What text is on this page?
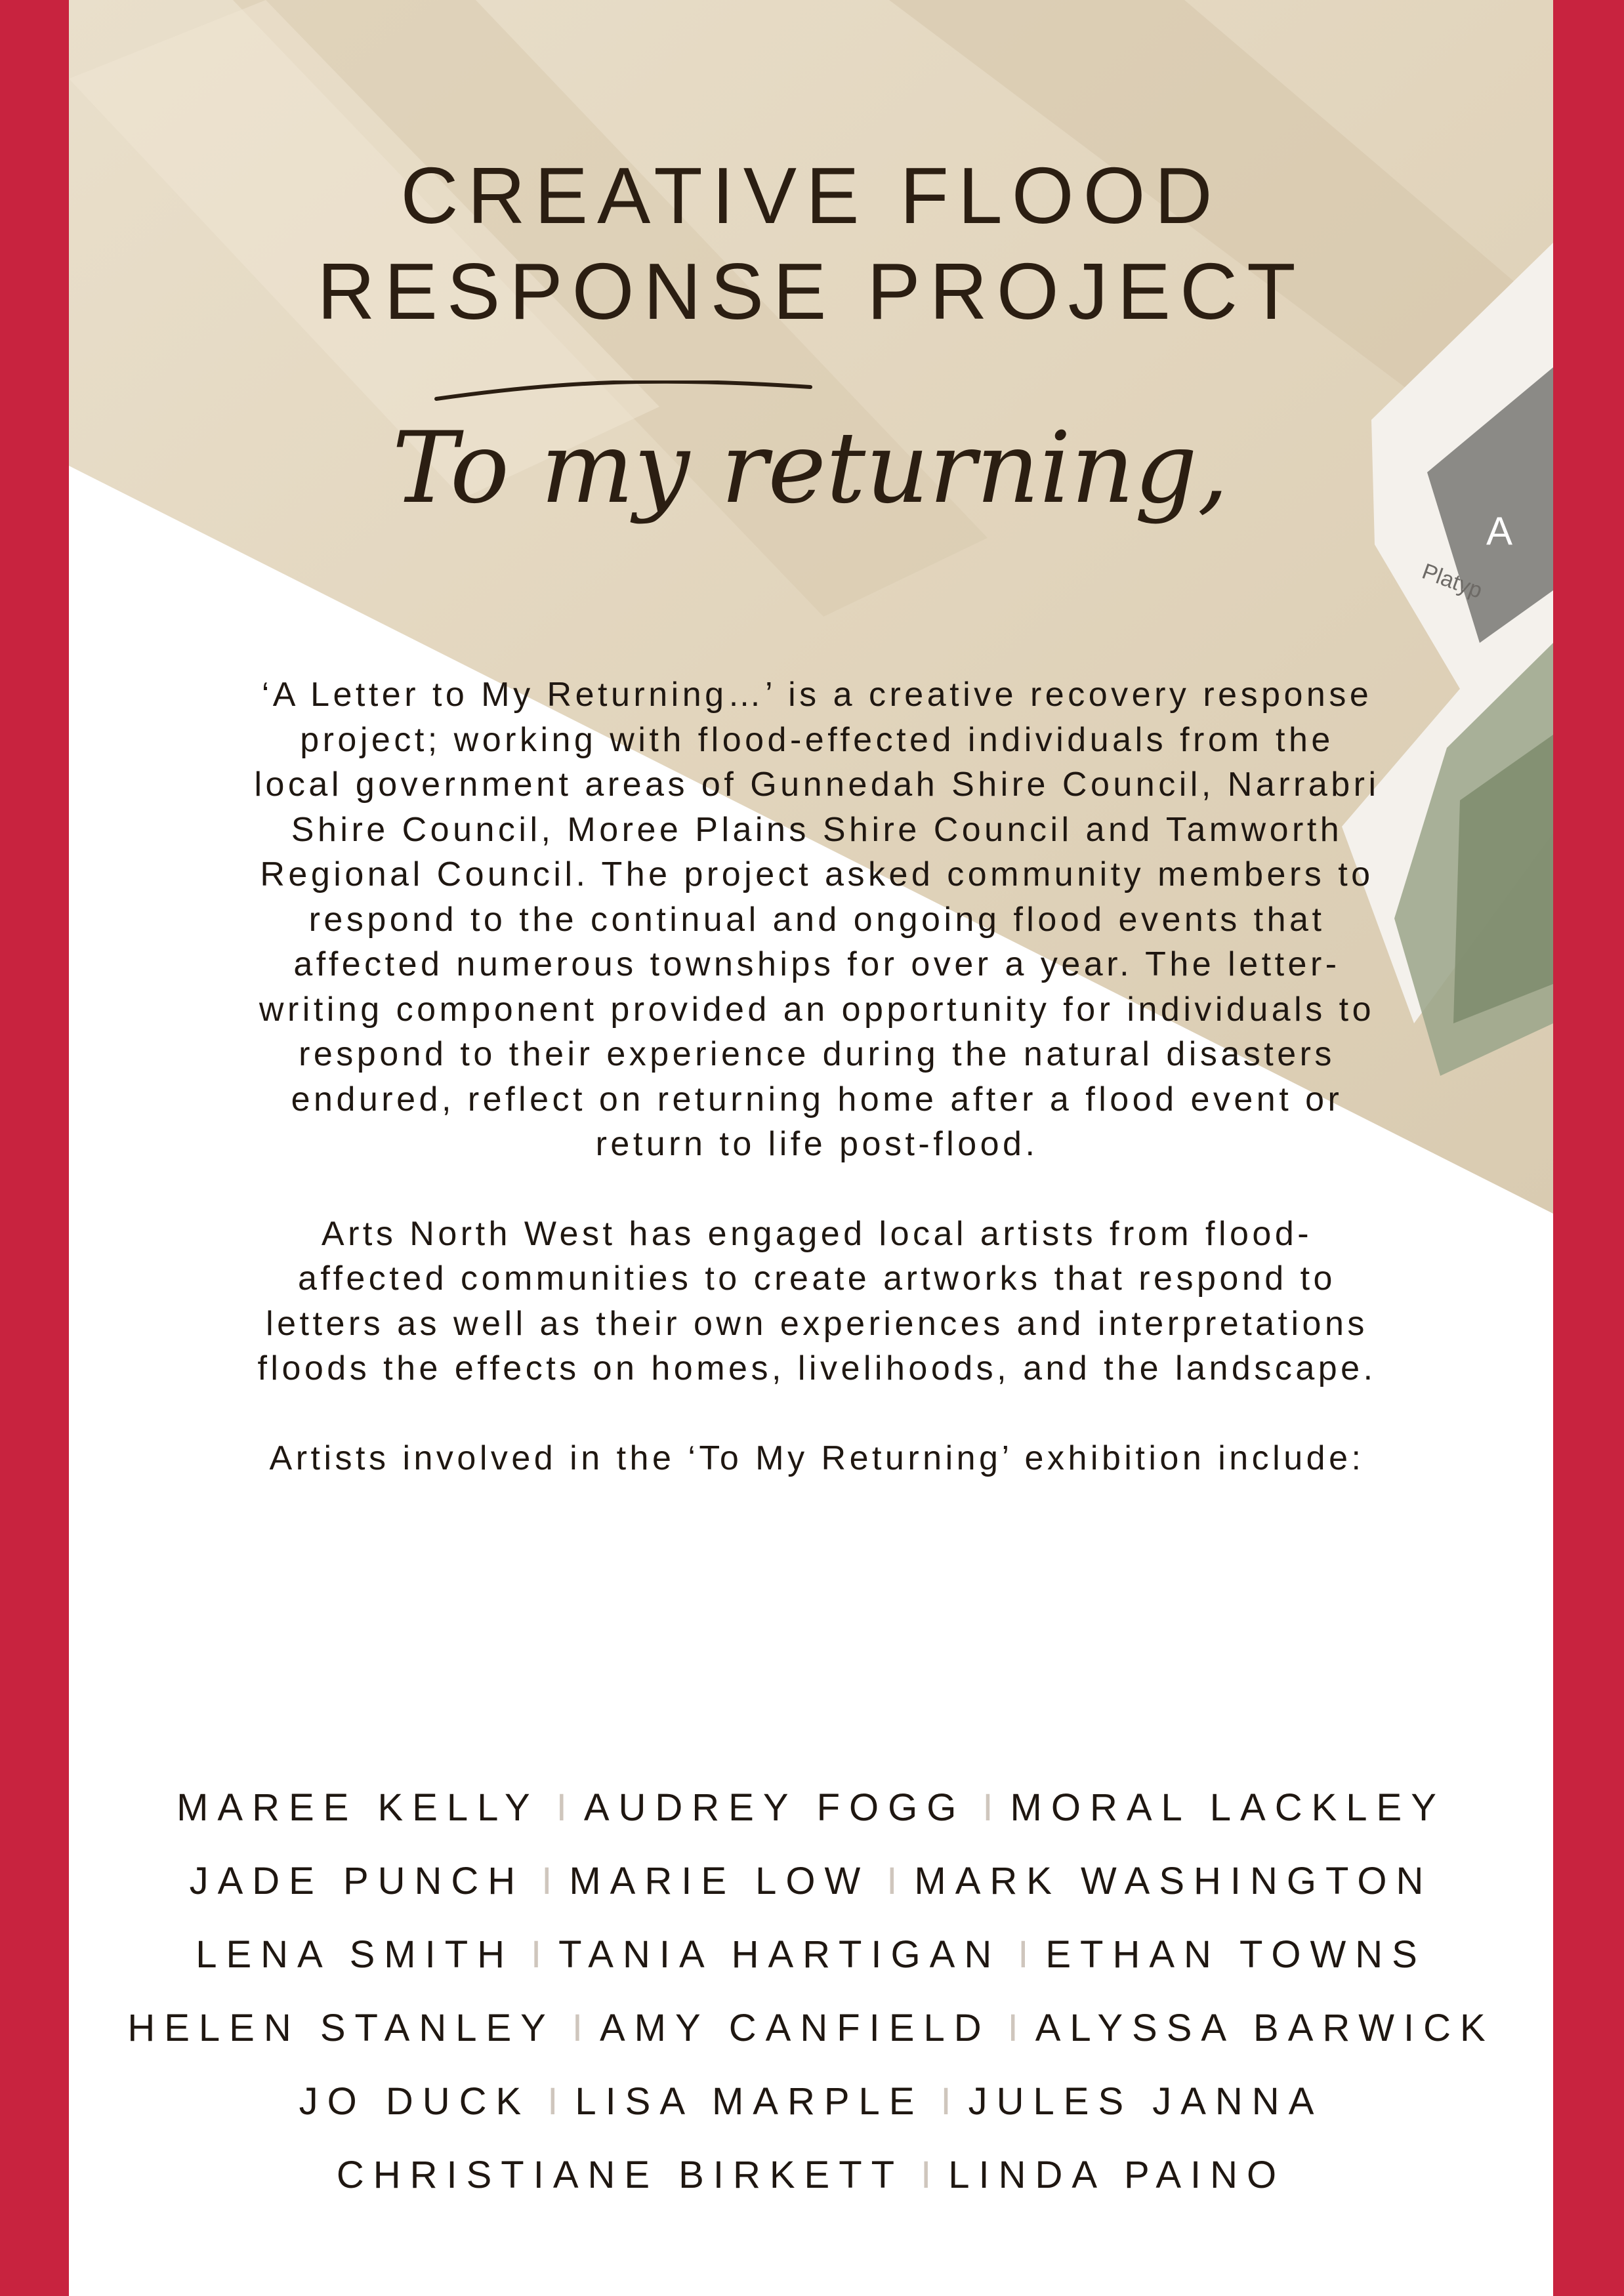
A
Platyp
CREATIVE FLOOD
RESPONSE PROJECT
To my returning,

‘A Letter to My Returning…’ is a creative recovery response project; working with flood-effected individuals from the local government areas of Gunnedah Shire Council, Narrabri Shire Council, Moree Plains Shire Council and Tamworth Regional Council. The project asked community members to respond to the continual and ongoing flood events that affected numerous townships for over a year. The letter-writing component provided an opportunity for individuals to respond to their experience during the natural disasters endured, reflect on returning home after a flood event or return to life post-flood.

Arts North West has engaged local artists from flood-affected communities to create artworks that respond to letters as well as their own experiences and interpretations floods the effects on homes, livelihoods, and the landscape.

Artists involved in the ‘To My Returning’ exhibition include:

MAREE KELLY I AUDREY FOGG I MORAL LACKLEY
JADE PUNCH I MARIE LOW I MARK WASHINGTON
LENA SMITH I TANIA HARTIGAN I ETHAN TOWNS
HELEN STANLEY I AMY CANFIELD I ALYSSA BARWICK
JO DUCK I LISA MARPLE I JULES JANNA
CHRISTIANE BIRKETT I LINDA PAINO
